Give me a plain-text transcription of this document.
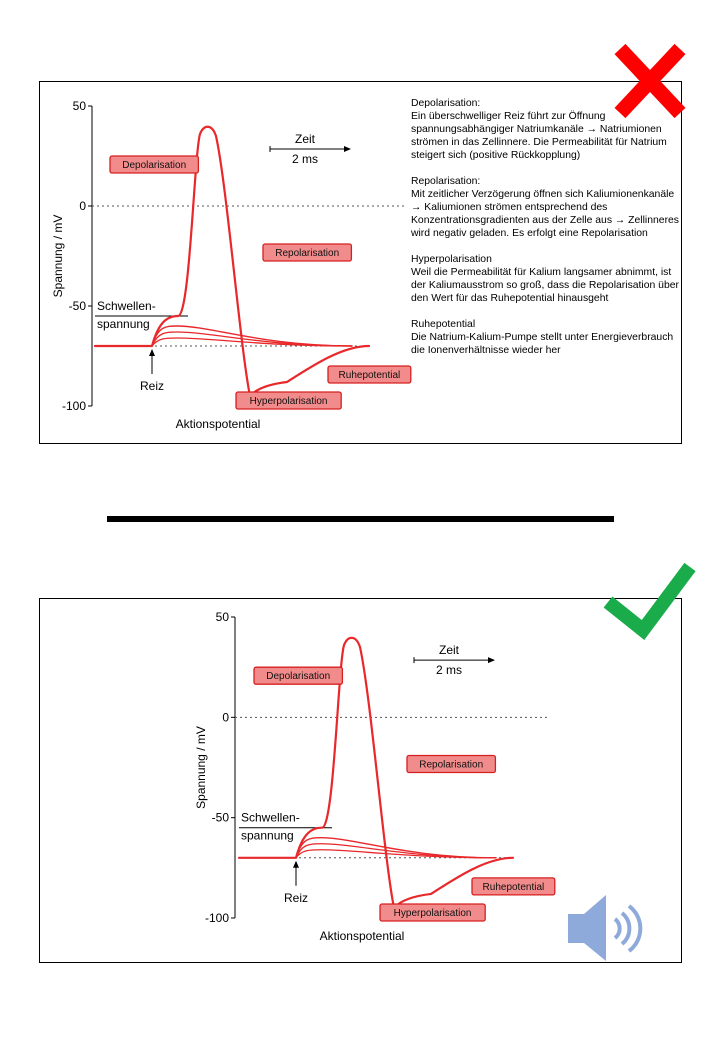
50
0
-50
-100
Spannung / mV
Schwellen-
spannung
Reiz
Zeit
2 ms
Depolarisation
Repolarisation
Hyperpolarisation
Ruhepotential
Aktionspotential

Depolarisation:
Ein überschwelliger Reiz führt zur Öffnung spannungsabhängiger Natriumkanäle → Natriumionen strömen in das Zellinnere. Die Permeabilität für Natrium steigert sich (positive Rückkopplung)

Repolarisation:
Mit zeitlicher Verzögerung öffnen sich Kaliumionenkanäle → Kaliumionen strömen entsprechend des Konzentrationsgradienten aus der Zelle aus → Zellinneres wird negativ geladen. Es erfolgt eine Repolarisation

Hyperpolarisation
Weil die Permeabilität für Kalium langsamer abnimmt, ist der Kaliumausstrom so groß, dass die Repolarisation über den Wert für das Ruhepotential hinausgeht

Ruhepotential
Die Natrium-Kalium-Pumpe stellt unter Energieverbrauch die Ionenverhältnisse wieder her

50
0
-50
-100
Spannung / mV
Schwellen-
spannung
Reiz
Zeit
2 ms
Depolarisation
Repolarisation
Hyperpolarisation
Ruhepotential
Aktionspotential
